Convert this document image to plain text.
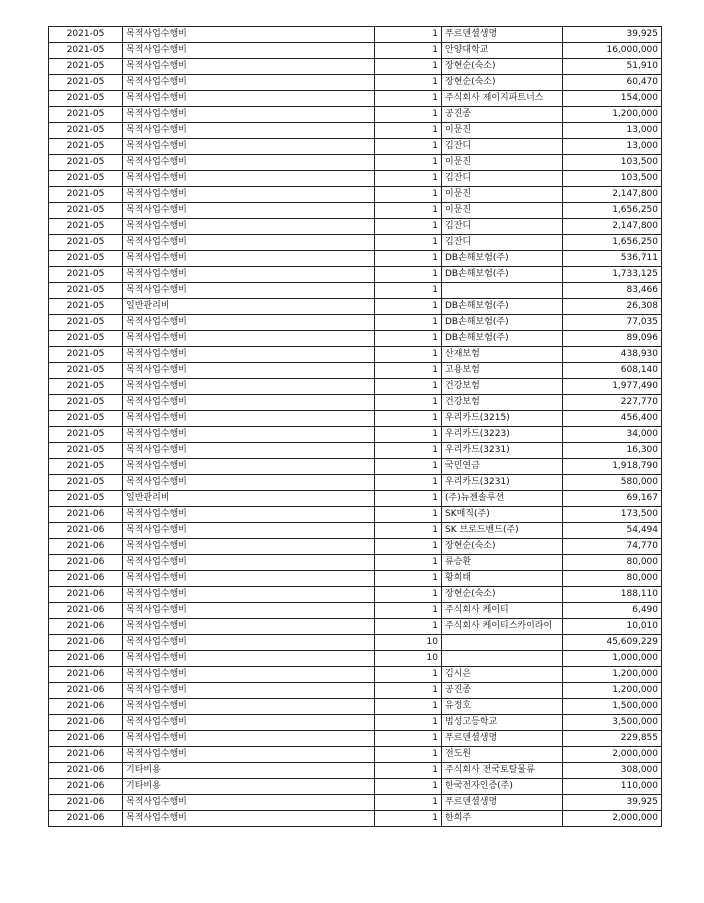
2021-05	목적사업수행비	1	푸르덴셜생명	39,925
2021-05	목적사업수행비	1	안양대학교	16,000,000
2021-05	목적사업수행비	1	장현순(숙소)	51,910
2021-05	목적사업수행비	1	장현순(숙소)	60,470
2021-05	목적사업수행비	1	주식회사 제이지파트너스	154,000
2021-05	목적사업수행비	1	공진종	1,200,000
2021-05	목적사업수행비	1	이문진	13,000
2021-05	목적사업수행비	1	김잔디	13,000
2021-05	목적사업수행비	1	이문진	103,500
2021-05	목적사업수행비	1	김잔디	103,500
2021-05	목적사업수행비	1	이문진	2,147,800
2021-05	목적사업수행비	1	이문진	1,656,250
2021-05	목적사업수행비	1	김잔디	2,147,800
2021-05	목적사업수행비	1	김잔디	1,656,250
2021-05	목적사업수행비	1	DB손해보험(주)	536,711
2021-05	목적사업수행비	1	DB손해보험(주)	1,733,125
2021-05	목적사업수행비	1		83,466
2021-05	일반관리비	1	DB손해보험(주)	26,308
2021-05	목적사업수행비	1	DB손해보험(주)	77,035
2021-05	목적사업수행비	1	DB손해보험(주)	89,096
2021-05	목적사업수행비	1	산재보험	438,930
2021-05	목적사업수행비	1	고용보험	608,140
2021-05	목적사업수행비	1	건강보험	1,977,490
2021-05	목적사업수행비	1	건강보험	227,770
2021-05	목적사업수행비	1	우리카드(3215)	456,400
2021-05	목적사업수행비	1	우리카드(3223)	34,000
2021-05	목적사업수행비	1	우리카드(3231)	16,300
2021-05	목적사업수행비	1	국민연금	1,918,790
2021-05	목적사업수행비	1	우리카드(3231)	580,000
2021-05	일반관리비	1	(주)뉴젠솔루션	69,167
2021-06	목적사업수행비	1	SK매직(주)	173,500
2021-06	목적사업수행비	1	SK 브로드밴드(주)	54,494
2021-06	목적사업수행비	1	장현순(숙소)	74,770
2021-06	목적사업수행비	1	류승환	80,000
2021-06	목적사업수행비	1	황희태	80,000
2021-06	목적사업수행비	1	장현순(숙소)	188,110
2021-06	목적사업수행비	1	주식회사 케이티	6,490
2021-06	목적사업수행비	1	주식회사 케이티스카이라이	10,010
2021-06	목적사업수행비	10		45,609,229
2021-06	목적사업수행비	10		1,000,000
2021-06	목적사업수행비	1	김시은	1,200,000
2021-06	목적사업수행비	1	공진종	1,200,000
2021-06	목적사업수행비	1	유정호	1,500,000
2021-06	목적사업수행비	1	범성고등학교	3,500,000
2021-06	목적사업수행비	1	푸르덴셜생명	229,855
2021-06	목적사업수행비	1	전도원	2,000,000
2021-06	기타비용	1	주식회사 전국토탈물류	308,000
2021-06	기타비용	1	한국전자인증(주)	110,000
2021-06	목적사업수행비	1	푸르덴셜생명	39,925
2021-06	목적사업수행비	1	한희주	2,000,000
